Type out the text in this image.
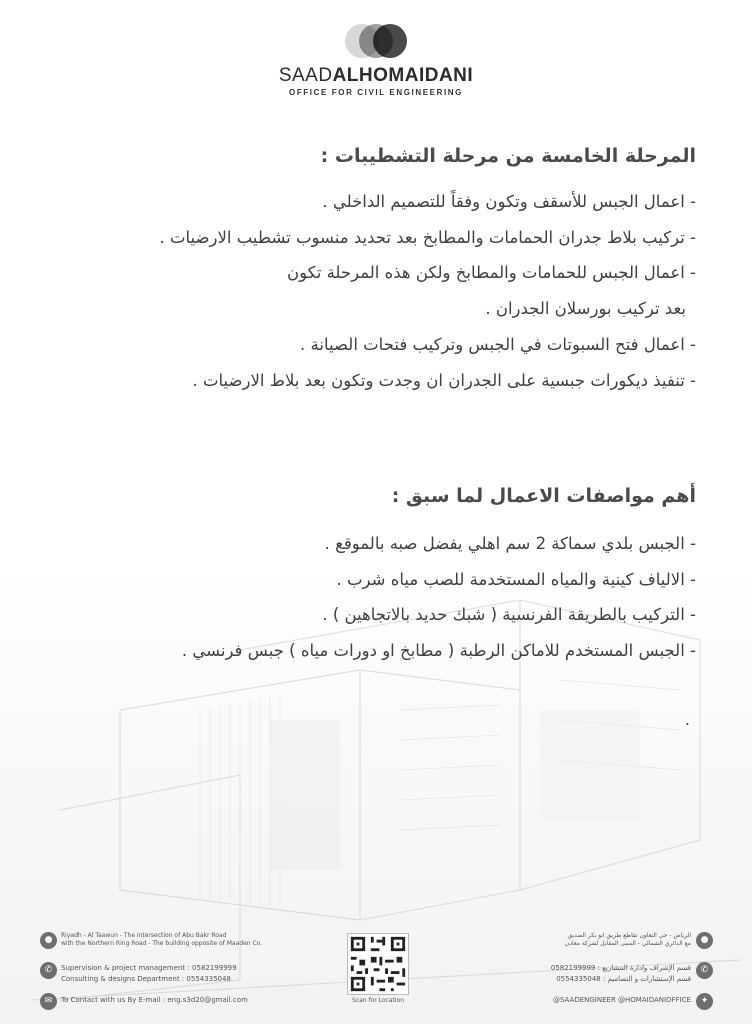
SAADALHOMAIDANI
OFFICE FOR CIVIL ENGINEERING
المرحلة الخامسة من مرحلة التشطيبات :
- اعمال الجبس للأسقف وتكون وفقاً للتصميم الداخلي .
- تركيب بلاط جدران الحمامات والمطابخ بعد تحديد منسوب تشطيب الارضيات .
- اعمال الجبس للحمامات والمطابخ ولكن هذه المرحلة تكون
بعد تركيب بورسلان الجدران .
- اعمال فتح السبوتات في الجبس وتركيب فتحات الصيانة .
- تنفيذ ديكورات جبسية على الجدران ان وجدت وتكون بعد بلاط الارضيات .
أهم مواصفات الاعمال لما سبق :
- الجبس بلدي سماكة 2 سم اهلي يفضل صبه بالموقع .
- الالياف كينية والمياه المستخدمة للصب مياه شرب .
- التركيب بالطريقة الفرنسية ( شبك حديد بالاتجاهين ) .
- الجبس المستخدم للاماكن الرطبة ( مطابخ او دورات مياه ) جبس فرنسي .
.
●	Riyadh - Al Taawun - The intersection of Abu Bakr Road
with the Northern Ring Road - The building opposite of Maaden Co.
✆	Supervision & project management : 0582199999
Consulting & designs Department : 0554335048
✉	To Contact with us By E-mail : eng.s3d20@gmail.com	Scan for Location
●
الرياض - حي التعاون تقاطع طريق ابو بكر الصديق
مع الدائري الشمالي - المبنى المقابل لشركة معادن
✆
0582199999 : قسم الإشراف وادارة المشاريع
0554335048 : قسم الإستشارات و التصاميم
✦
@SAADENGINEER @HOMAIDANIOFFICE
